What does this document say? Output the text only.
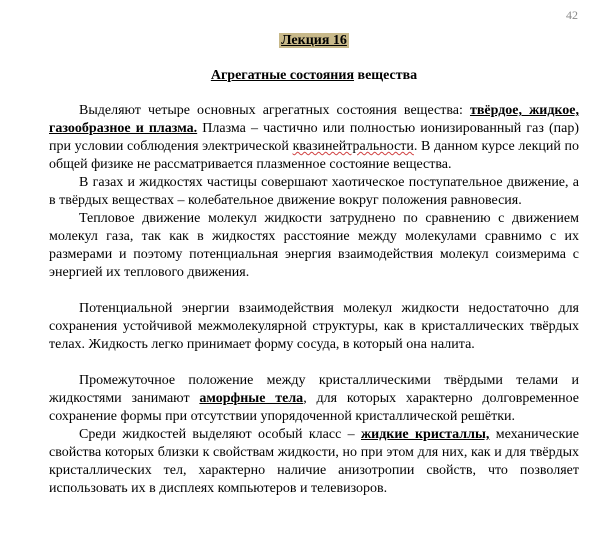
42
Лекция 16
Агрегатные состояния вещества

Выделяют четыре основных агрегатных состояния вещества: твёрдое, жидкое, газообразное и плазма. Плазма – частично или полностью ионизированный газ (пар) при условии соблюдения электрической квазинейтральности. В данном курсе лекций по общей физике не рассматривается плазменное состояние вещества.

В газах и жидкостях частицы совершают хаотическое поступательное движение, а в твёрдых веществах – колебательное движение вокруг положения равновесия.

Тепловое движение молекул жидкости затруднено по сравнению с движением молекул газа, так как в жидкостях расстояние между молекулами сравнимо с их размерами и поэтому потенциальная энергия взаимодействия молекул соизмерима с энергией их теплового движения.

Потенциальной энергии взаимодействия молекул жидкости недостаточно для сохранения устойчивой межмолекулярной структуры, как в кристаллических твёрдых телах. Жидкость легко принимает форму сосуда, в который она налита.

Промежуточное положение между кристаллическими твёрдыми телами и жидкостями занимают аморфные тела, для которых характерно долговременное сохранение формы при отсутствии упорядоченной кристаллической решётки.

Среди жидкостей выделяют особый класс – жидкие кристаллы, механические свойства которых близки к свойствам жидкости, но при этом для них, как и для твёрдых кристаллических тел, характерно наличие анизотропии свойств, что позволяет использовать их в дисплеях компьютеров и телевизоров.
